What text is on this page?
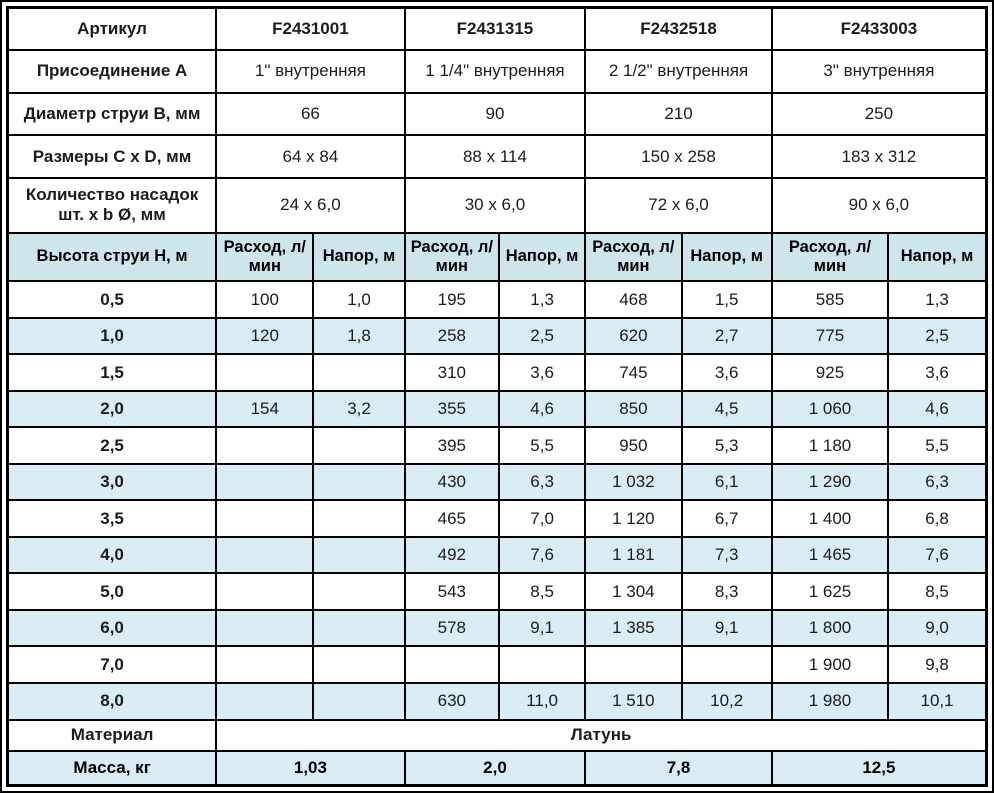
Артикул	F2431001		F2431315		F2432518		F2433003	
Присоединение A	1" внутренняя		1 1/4" внутренняя		2 1/2" внутренняя		3" внутренняя	
Диаметр струи B, мм	66		90		210		250	
Размеры C x D, мм	64 x 84		88 x 114		150 x 258		183 x 312	
Количество насадок шт. x b Ø, мм	24 x 6,0		30 x 6,0		72 x 6,0		90 x 6,0	
Высота струи H, м	Расход, л/мин	Напор, м	Расход, л/мин	Напор, м	Расход, л/мин	Напор, м	Расход, л/мин	Напор, м
0,5	100	1,0	195	1,3	468	1,5	585	1,3
1,0	120	1,8	258	2,5	620	2,7	775	2,5
1,5			310	3,6	745	3,6	925	3,6
2,0	154	3,2	355	4,6	850	4,5	1 060	4,6
2,5			395	5,5	950	5,3	1 180	5,5
3,0			430	6,3	1 032	6,1	1 290	6,3
3,5			465	7,0	1 120	6,7	1 400	6,8
4,0			492	7,6	1 181	7,3	1 465	7,6
5,0			543	8,5	1 304	8,3	1 625	8,5
6,0			578	9,1	1 385	9,1	1 800	9,0
7,0							1 900	9,8
8,0			630	11,0	1 510	10,2	1 980	10,1
Материал	Латунь							
Масса, кг	1,03		2,0		7,8		12,5	
